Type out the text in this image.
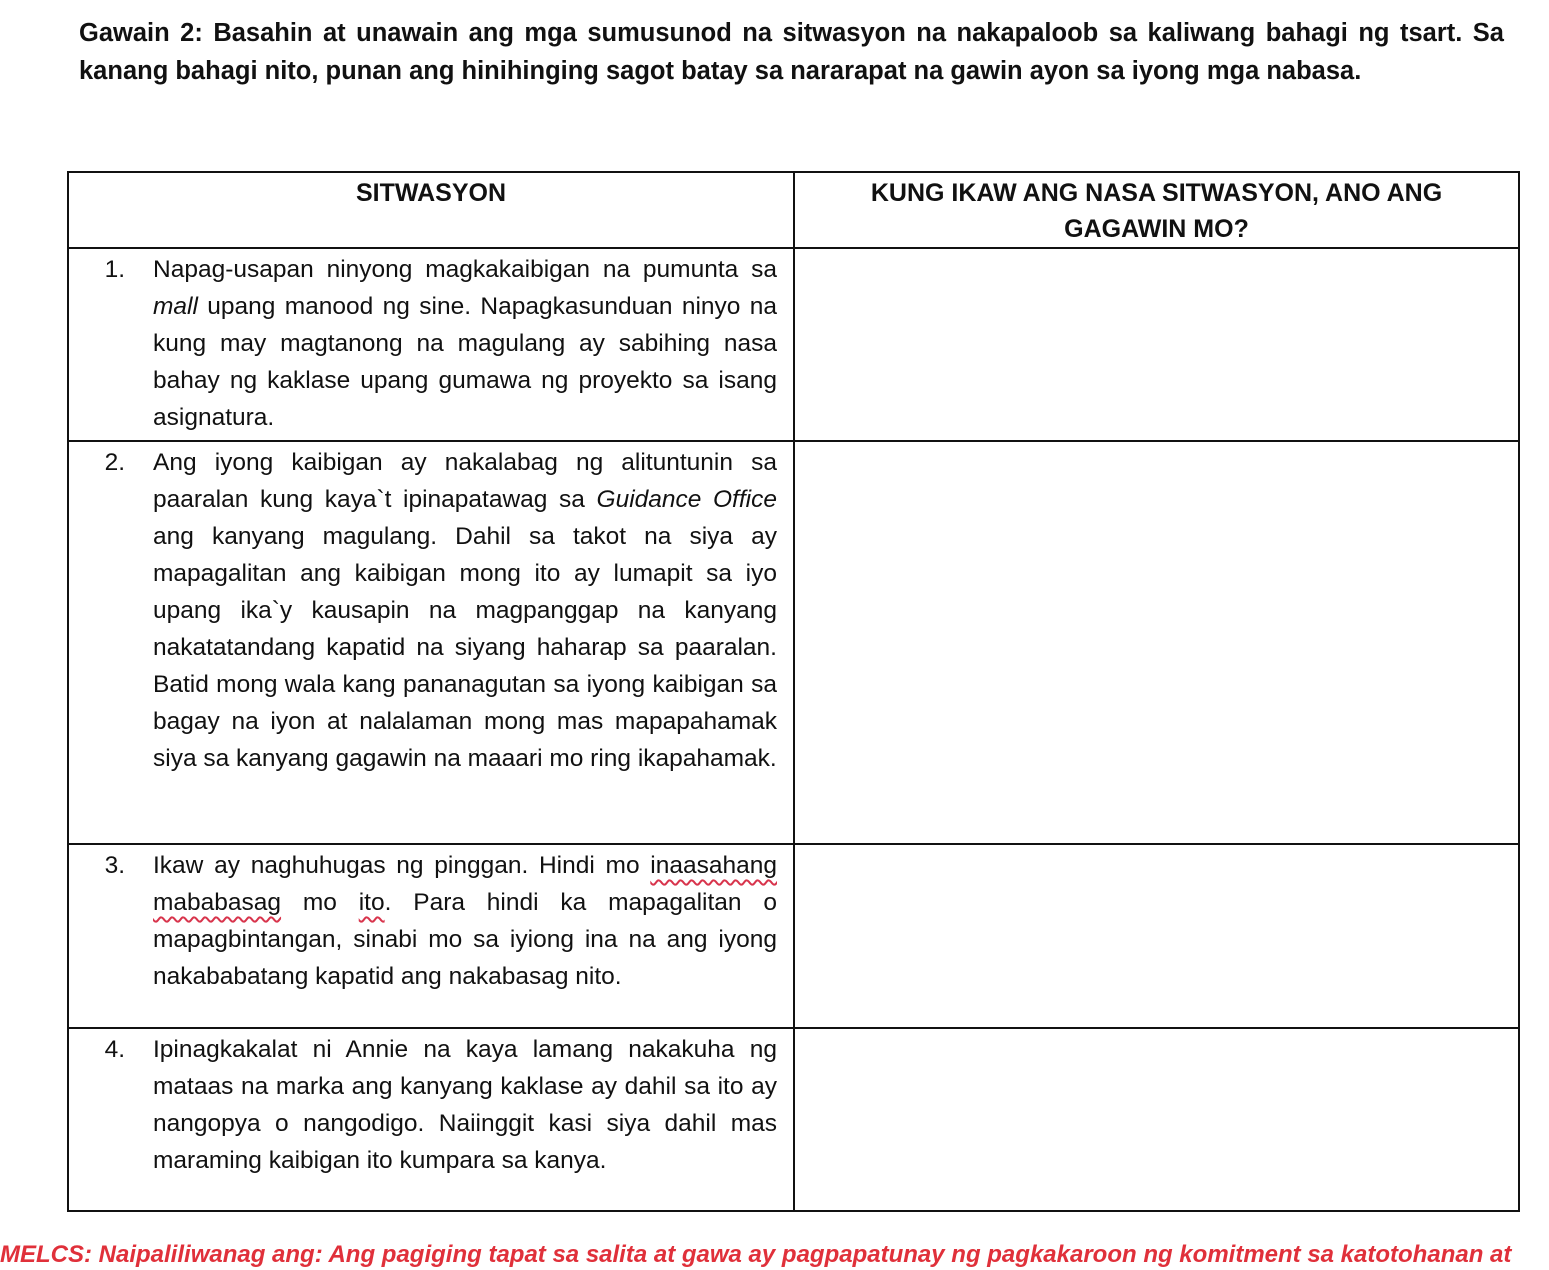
Gawain 2: Basahin at unawain ang mga sumusunod na sitwasyon na nakapaloob sa kaliwang bahagi ng tsart. Sa kanang bahagi nito, punan ang hinihinging sagot batay sa nararapat na gawin ayon sa iyong mga nabasa.

SITWASYON	KUNG IKAW ANG NASA SITWASYON, ANO ANG GAGAWIN MO?

1. Napag-usapan ninyong magkakaibigan na pumunta sa mall upang manood ng sine. Napagkasunduan ninyo na kung may magtanong na magulang ay sabihing nasa bahay ng kaklase upang gumawa ng proyekto sa isang asignatura.	

2. Ang iyong kaibigan ay nakalabag ng alituntunin sa paaralan kung kaya`t ipinapatawag sa Guidance Office ang kanyang magulang. Dahil sa takot na siya ay mapagalitan ang kaibigan mong ito ay lumapit sa iyo upang ika`y kausapin na magpanggap na kanyang nakatatandang kapatid na siyang haharap sa paaralan. Batid mong wala kang pananagutan sa iyong kaibigan sa bagay na iyon at nalalaman mong mas mapapahamak siya sa kanyang gagawin na maaari mo ring ikapahamak.	

3. Ikaw ay naghuhugas ng pinggan. Hindi mo inaasahang mababasag mo ito. Para hindi ka mapagalitan o mapagbintangan, sinabi mo sa iyiong ina na ang iyong nakababatang kapatid ang nakabasag nito.	

4. Ipinagkakalat ni Annie na kaya lamang nakakuha ng mataas na marka ang kanyang kaklase ay dahil sa ito ay nangopya o nangodigo. Naiinggit kasi siya dahil mas maraming kaibigan ito kumpara sa kanya.	

MELCS: Naipaliliwanag ang: Ang pagiging tapat sa salita at gawa ay pagpapatunay ng pagkakaroon ng komitment sa katotohanan at
